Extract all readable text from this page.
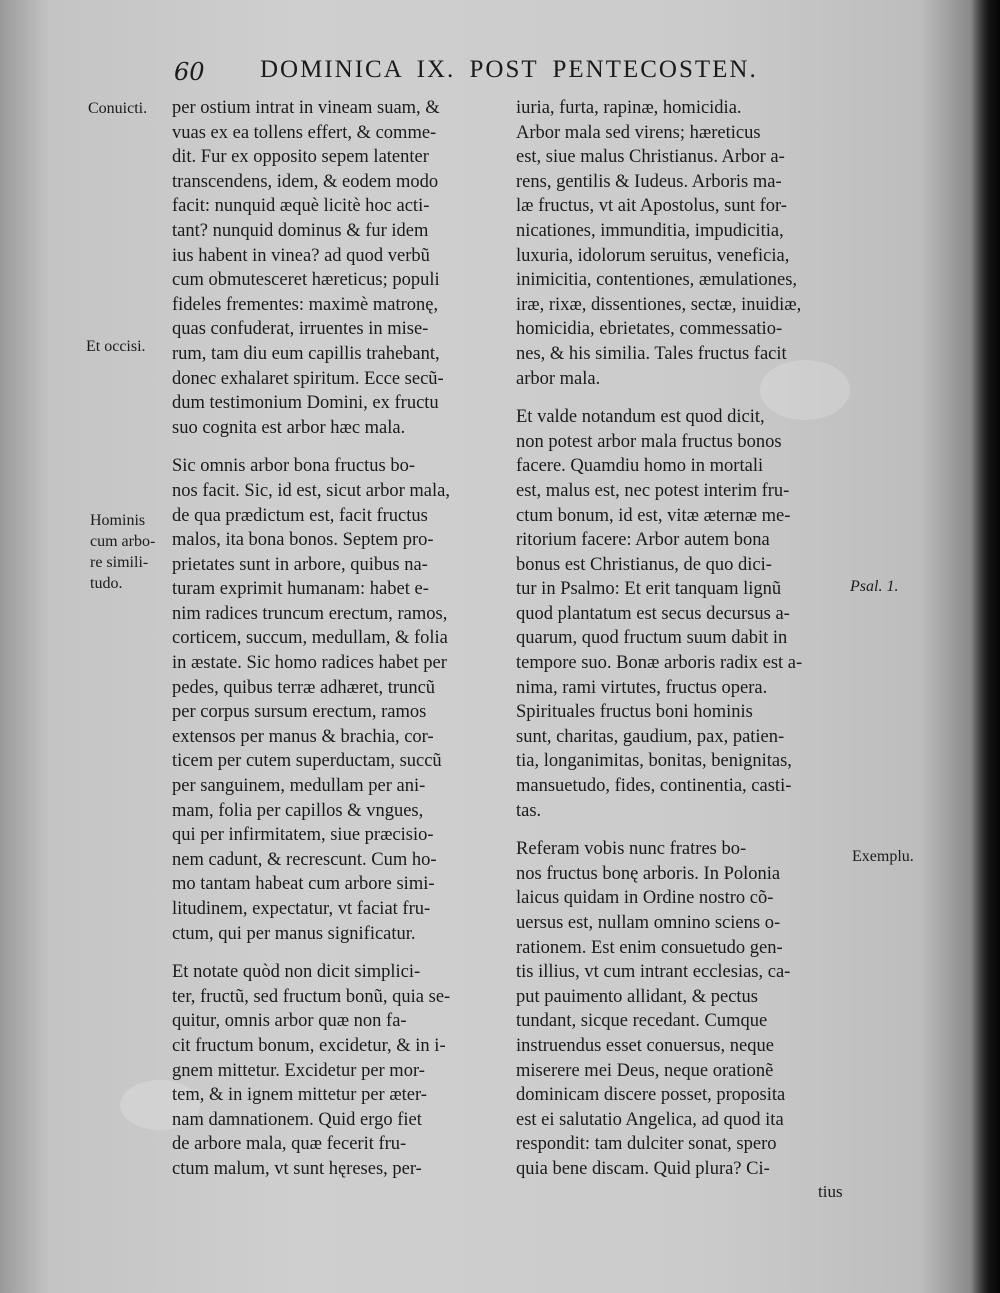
60 DOMINICA IX. POST PENTECOSTEN.
Conuicti.
Et occisi.
Hominis
cum arbo-
re simili-
tudo.	Psal. 1.
Exemplu.
per ostium intrat in vineam suam, &
vuas ex ea tollens effert, & comme-
dit. Fur ex opposito sepem latenter
transcendens, idem, & eodem modo
facit: nunquid æquè licitè hoc acti-
tant? nunquid dominus & fur idem
ius habent in vinea? ad quod verbũ
cum obmutesceret hæreticus; populi
fideles frementes: maximè matronę,
quas confuderat, irruentes in mise-
rum, tam diu eum capillis trahebant,
donec exhalaret spiritum. Ecce secũ-
dum testimonium Domini, ex fructu
suo cognita est arbor hæc mala.
Sic omnis arbor bona fructus bo-
nos facit. Sic, id est, sicut arbor mala,
de qua prædictum est, facit fructus
malos, ita bona bonos. Septem pro-
prietates sunt in arbore, quibus na-
turam exprimit humanam: habet e-
nim radices truncum erectum, ramos,
corticem, succum, medullam, & folia
in æstate. Sic homo radices habet per
pedes, quibus terræ adhæret, truncũ
per corpus sursum erectum, ramos
extensos per manus & brachia, cor-
ticem per cutem superductam, succũ
per sanguinem, medullam per ani-
mam, folia per capillos & vngues,
qui per infirmitatem, siue præcisio-
nem cadunt, & recrescunt. Cum ho-
mo tantam habeat cum arbore simi-
litudinem, expectatur, vt faciat fru-
ctum, qui per manus significatur.
Et notate quòd non dicit simplici-
ter, fructũ, sed fructum bonũ, quia se-
quitur, omnis arbor quæ non fa-
cit fructum bonum, excidetur, & in i-
gnem mittetur. Excidetur per mor-
tem, & in ignem mittetur per æter-
nam damnationem. Quid ergo fiet
de arbore mala, quæ fecerit fru-
ctum malum, vt sunt hęreses, per-
iuria, furta, rapinæ, homicidia.
Arbor mala sed virens; hæreticus
est, siue malus Christianus. Arbor a-
rens, gentilis & Iudeus. Arboris ma-
læ fructus, vt ait Apostolus, sunt for-
nicationes, immunditia, impudicitia,
luxuria, idolorum seruitus, veneficia,
inimicitia, contentiones, æmulationes,
iræ, rixæ, dissentiones, sectæ, inuidiæ,
homicidia, ebrietates, commessatio-
nes, & his similia. Tales fructus facit
arbor mala.
Et valde notandum est quod dicit,
non potest arbor mala fructus bonos
facere. Quamdiu homo in mortali
est, malus est, nec potest interim fru-
ctum bonum, id est, vitæ æternæ me-
ritorium facere: Arbor autem bona
bonus est Christianus, de quo dici-
tur in Psalmo: Et erit tanquam lignũ
quod plantatum est secus decursus a-
quarum, quod fructum suum dabit in
tempore suo. Bonæ arboris radix est a-
nima, rami virtutes, fructus opera.
Spirituales fructus boni hominis
sunt, charitas, gaudium, pax, patien-
tia, longanimitas, bonitas, benignitas,
mansuetudo, fides, continentia, casti-
tas.
Referam vobis nunc fratres bo-
nos fructus bonę arboris. In Polonia
laicus quidam in Ordine nostro cõ-
uersus est, nullam omnino sciens o-
rationem. Est enim consuetudo gen-
tis illius, vt cum intrant ecclesias, ca-
put pauimento allidant, & pectus
tundant, sicque recedant. Cumque
instruendus esset conuersus, neque
miserere mei Deus, neque orationẽ
dominicam discere posset, proposita
est ei salutatio Angelica, ad quod ita
respondit: tam dulciter sonat, spero
quia bene discam. Quid plura? Ci-
tius
